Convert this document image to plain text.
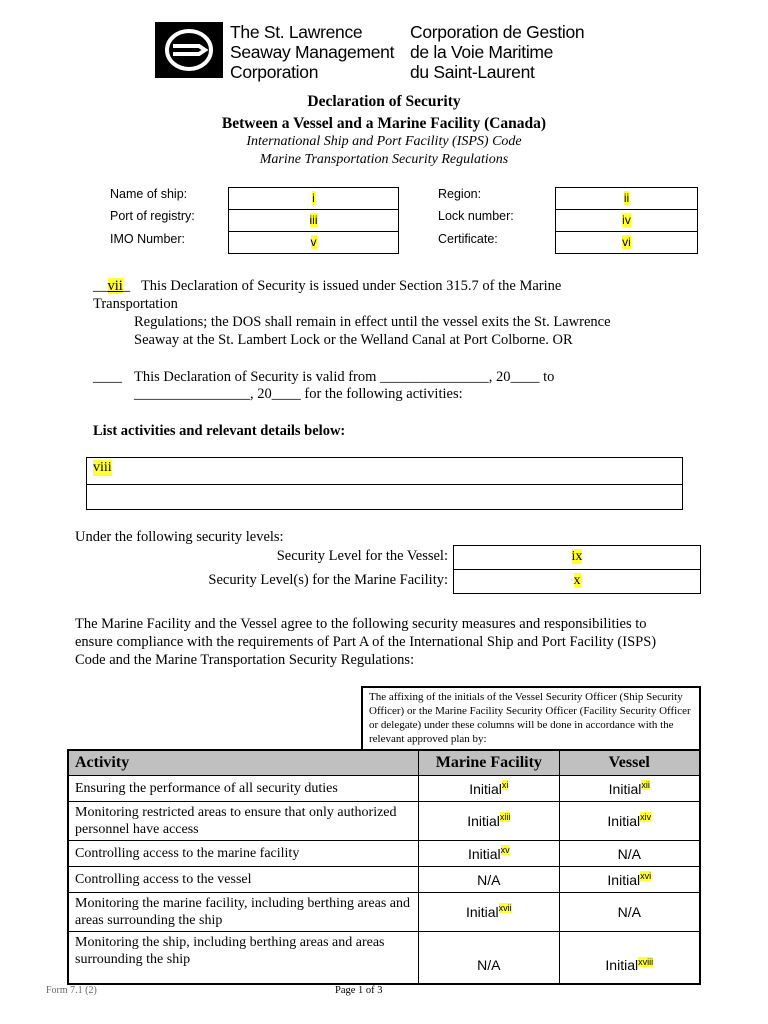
The St. Lawrence
Seaway Management
Corporation
Corporation de Gestion
de la Voie Maritime
du Saint-Laurent
Declaration of Security
Between a Vessel and a Marine Facility (Canada)
International Ship and Port Facility (ISPS) Code
Marine Transportation Security Regulations
Name of ship:	i
Port of registry:	iii
IMO Number:	v
Region:	ii
Lock number:	iv
Certificate:	vi
__vii_ This Declaration of Security is issued under Section 315.7 of the Marine
Transportation
Regulations; the DOS shall remain in effect until the vessel exits the St. Lawrence
Seaway at the St. Lambert Lock or the Welland Canal at Port Colborne. OR
____ This Declaration of Security is valid from _______________, 20____ to
________________, 20____ for the following activities:
List activities and relevant details below:
viii
Under the following security levels:
Security Level for the Vessel:	ix
Security Level(s) for the Marine Facility:	x
The Marine Facility and the Vessel agree to the following security measures and responsibilities to
ensure compliance with the requirements of Part A of the International Ship and Port Facility (ISPS)
Code and the Marine Transportation Security Regulations:
The affixing of the initials of the Vessel Security Officer (Ship Security Officer) or the Marine Facility Security Officer (Facility Security Officer or delegate) under these columns will be done in accordance with the relevant approved plan by:
Activity	Marine Facility	Vessel
Ensuring the performance of all security duties	Initial$^{xi}$	Initial$^{xii}$
Monitoring restricted areas to ensure that only authorized personnel have access	Initial$^{xiii}$	Initial$^{xiv}$
Controlling access to the marine facility	Initial$^{xv}$	N/A
Controlling access to the vessel	N/A	Initial$^{xvi}$
Monitoring the marine facility, including berthing areas and areas surrounding the ship	Initial$^{xvii}$	N/A
Monitoring the ship, including berthing areas and areas surrounding the ship	N/A	Initial$^{xviii}$
Form 7.1 (2)	Page 1 of 3
